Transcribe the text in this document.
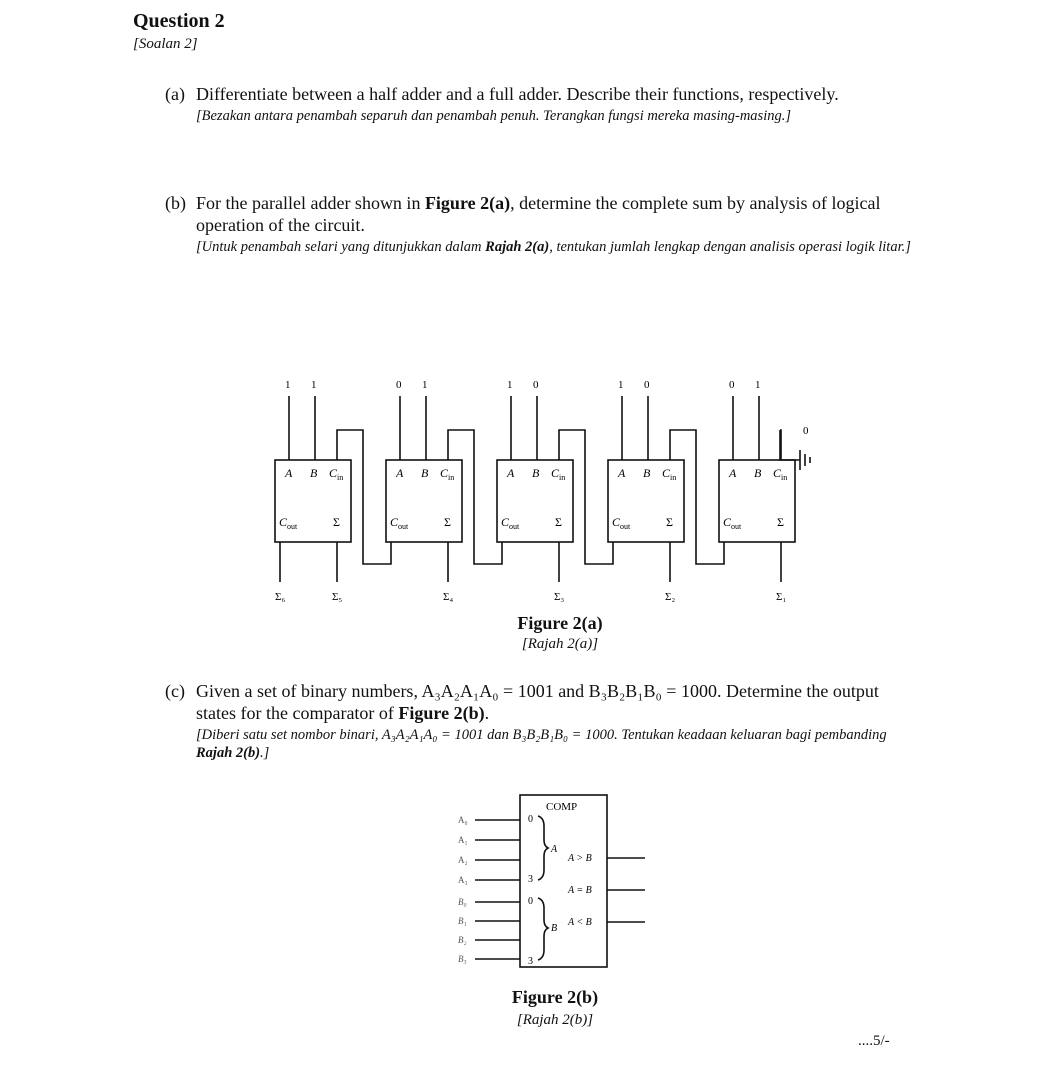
Question 2
[Soalan 2]
(a) Differentiate between a half adder and a full adder. Describe their functions, respectively.
[Bezakan antara penambah separuh dan penambah penuh. Terangkan fungsi mereka masing-masing.]
(b) For the parallel adder shown in Figure 2(a), determine the complete sum by analysis of logical operation of the circuit.
[Untuk penambah selari yang ditunjukkan dalam Rajah 2(a), tentukan jumlah lengkap dengan analisis operasi logik litar.]
1 1
A B C in
C out	Σ
Σ₅
0 1
A B C in
C out	Σ
Σ₄
1 0
A B C in
C out	Σ
Σ₃
1 0
A B C in
C out	Σ
Σ₂
0 1
A B C in
C out	Σ
Σ₁
Σ₆
0
Figure 2(a)
[Rajah 2(a)]
(c) Given a set of binary numbers, A₃A₂A₁A₀ = 1001 and B₃B₂B₁B₀ = 1000. Determine the output states for the comparator of Figure 2(b).
[Diberi satu set nombor binari, A₃A₂A₁A₀ = 1001 dan B₃B₂B₁B₀ = 1000. Tentukan keadaan keluaran bagi pembanding Rajah 2(b).]
COMP
A₀
A₁
A₂
A₃
B₀
B₁
B₂
B₃
0
3
A
0
3
B
A > B
A = B
A < B
Figure 2(b)
[Rajah 2(b)]
....5/-
